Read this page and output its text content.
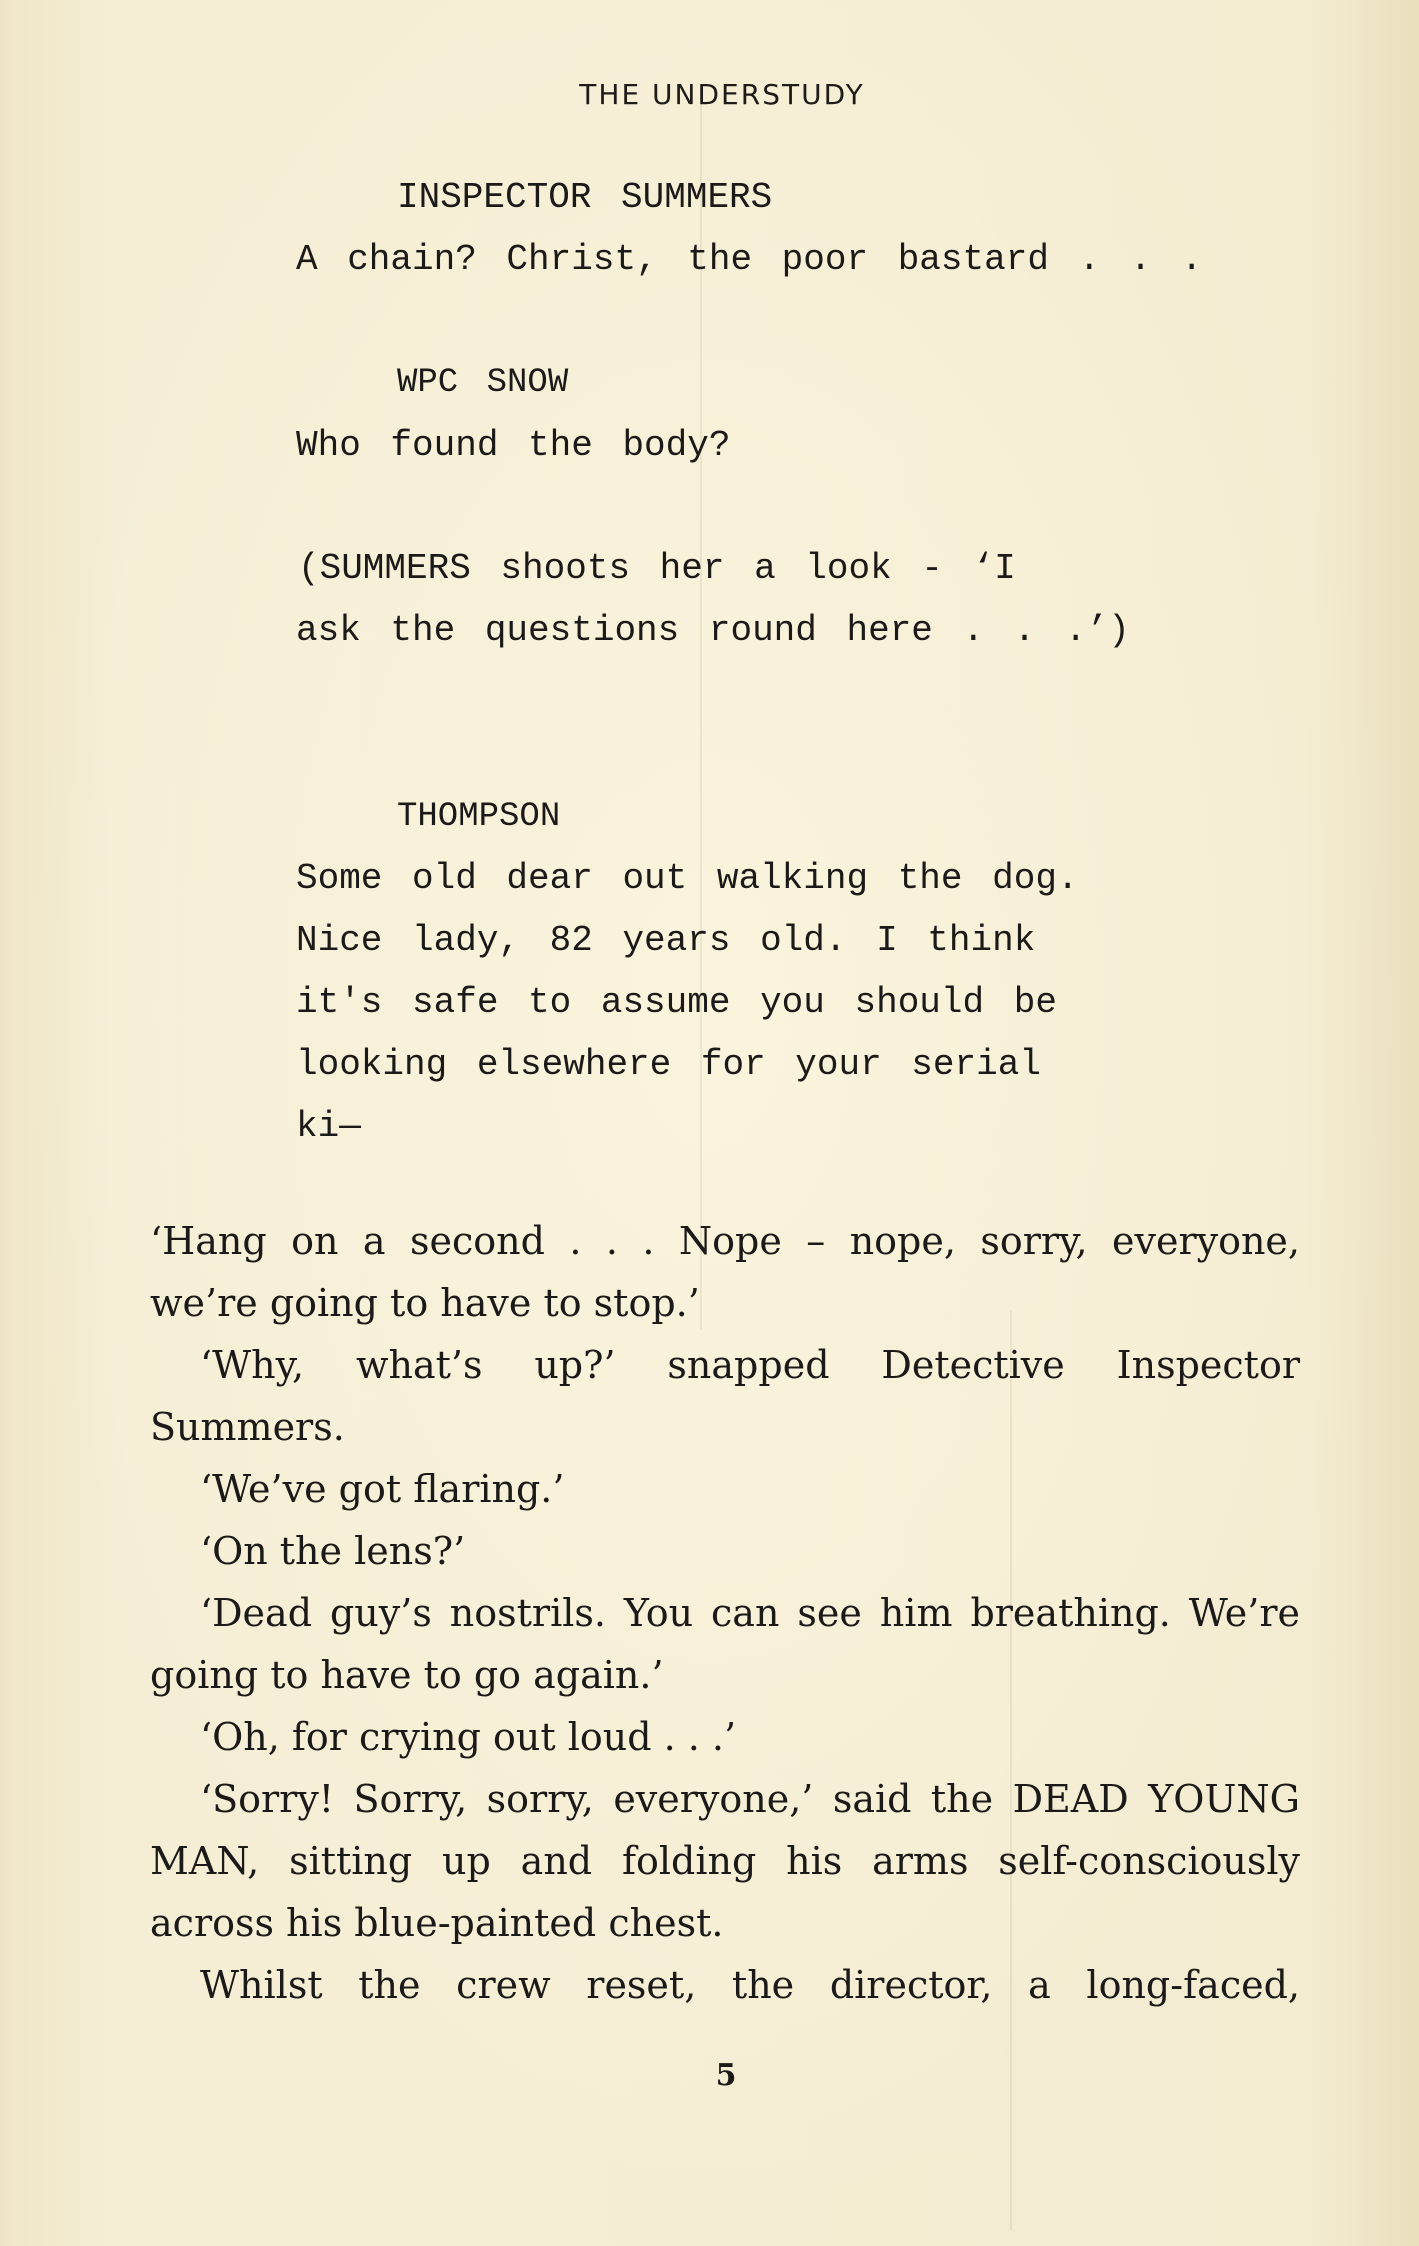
THE UNDERSTUDY

INSPECTOR SUMMERS

A chain? Christ, the poor bastard . . .

WPC SNOW

Who found the body?

(SUMMERS shoots her a look - ‘I

ask the questions round here . . .’)

THOMPSON

Some old dear out walking the dog.

Nice lady, 82 years old. I think

it's safe to assume you should be

looking elsewhere for your serial

ki—

‘Hang on a second . . . Nope – nope, sorry, everyone,
we’re going to have to stop.’
‘Why, what’s up?’ snapped Detective Inspector
Summers.
‘We’ve got flaring.’
‘On the lens?’
‘Dead guy’s nostrils. You can see him breathing. We’re
going to have to go again.’
‘Oh, for crying out loud . . .’
‘Sorry! Sorry, sorry, everyone,’ said the DEAD YOUNG
MAN, sitting up and folding his arms self-consciously
across his blue-painted chest.
Whilst the crew reset, the director, a long-faced,
5
